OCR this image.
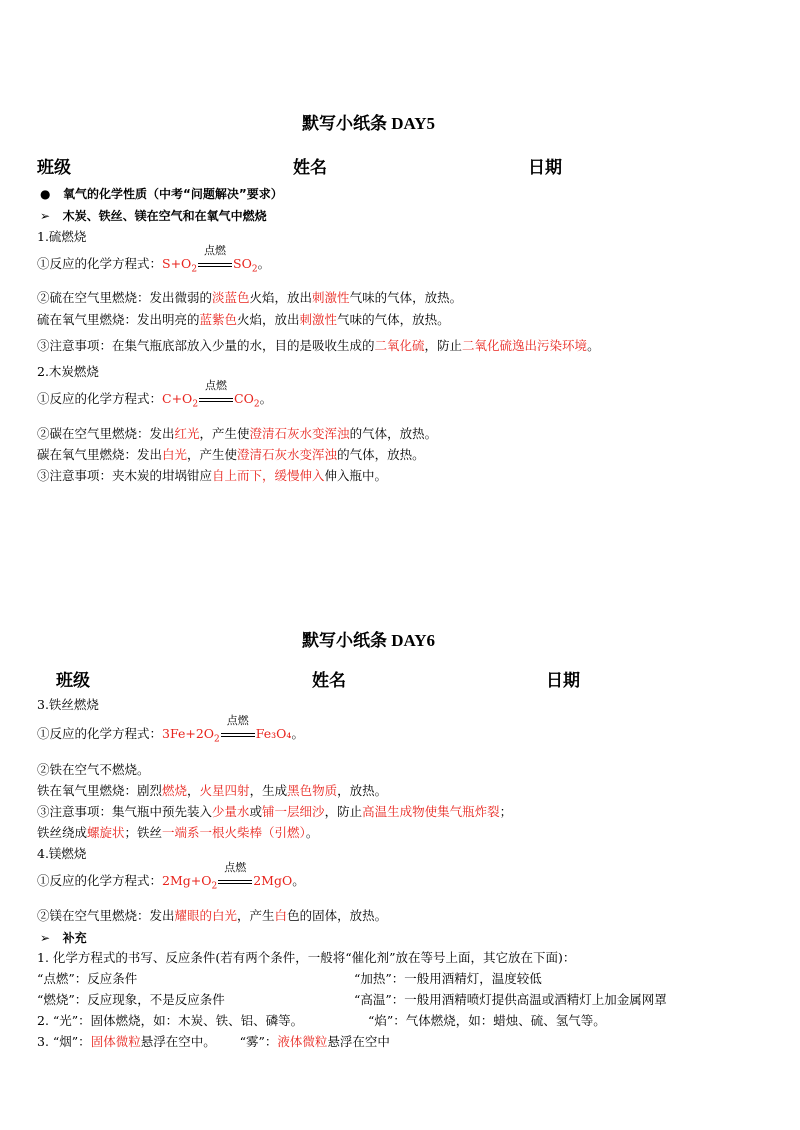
默写小纸条 DAY5
班级	姓名	日期
● 氧气的化学性质（中考“问题解决”要求）
➢ 木炭、铁丝、镁在空气和在氧气中燃烧
1.硫燃烧
①反应的化学方程式：$S+O_2$
点燃
$SO_2$。
②硫在空气里燃烧：发出微弱的淡蓝色火焰，放出刺激性气味的气体，放热。
硫在氧气里燃烧：发出明亮的蓝紫色火焰，放出刺激性气味的气体，放热。
③注意事项：在集气瓶底部放入少量的水，目的是吸收生成的二氧化硫，防止二氧化硫逸出污染环境。
2.木炭燃烧
①反应的化学方程式：$C+O_2$
点燃
$CO_2$。
②碳在空气里燃烧：发出红光，产生使澄清石灰水变浑浊的气体，放热。
碳在氧气里燃烧：发出白光，产生使澄清石灰水变浑浊的气体，放热。
③注意事项：夹木炭的坩埚钳应自上而下，缓慢伸入伸入瓶中。
默写小纸条 DAY6
班级	姓名	日期
3.铁丝燃烧
①反应的化学方程式：$3Fe+2O_2$
点燃
Fe₃O₄。
②铁在空气不燃烧。
铁在氧气里燃烧：剧烈燃烧，火星四射，生成黑色物质，放热。
③注意事项：集气瓶中预先装入少量水或铺一层细沙，防止高温生成物使集气瓶炸裂；
铁丝绕成螺旋状；铁丝一端系一根火柴棒（引燃）。
4.镁燃烧
①反应的化学方程式：$2Mg+O_2$
点燃
2MgO。
②镁在空气里燃烧：发出耀眼的白光，产生白色的固体，放热。
➢ 补充
1. 化学方程式的书写、反应条件(若有两个条件，一般将“催化剂”放在等号上面，其它放在下面)：
“点燃”：反应条件	“加热”：一般用酒精灯，温度较低
“燃烧”：反应现象，不是反应条件	“高温”：一般用酒精喷灯提供高温或酒精灯上加金属网罩
2. “光”：固体燃烧，如：木炭、铁、铝、磷等。	“焰”：气体燃烧，如：蜡烛、硫、氢气等。
3. “烟”：固体微粒悬浮在空中。 “雾”：液体微粒悬浮在空中
